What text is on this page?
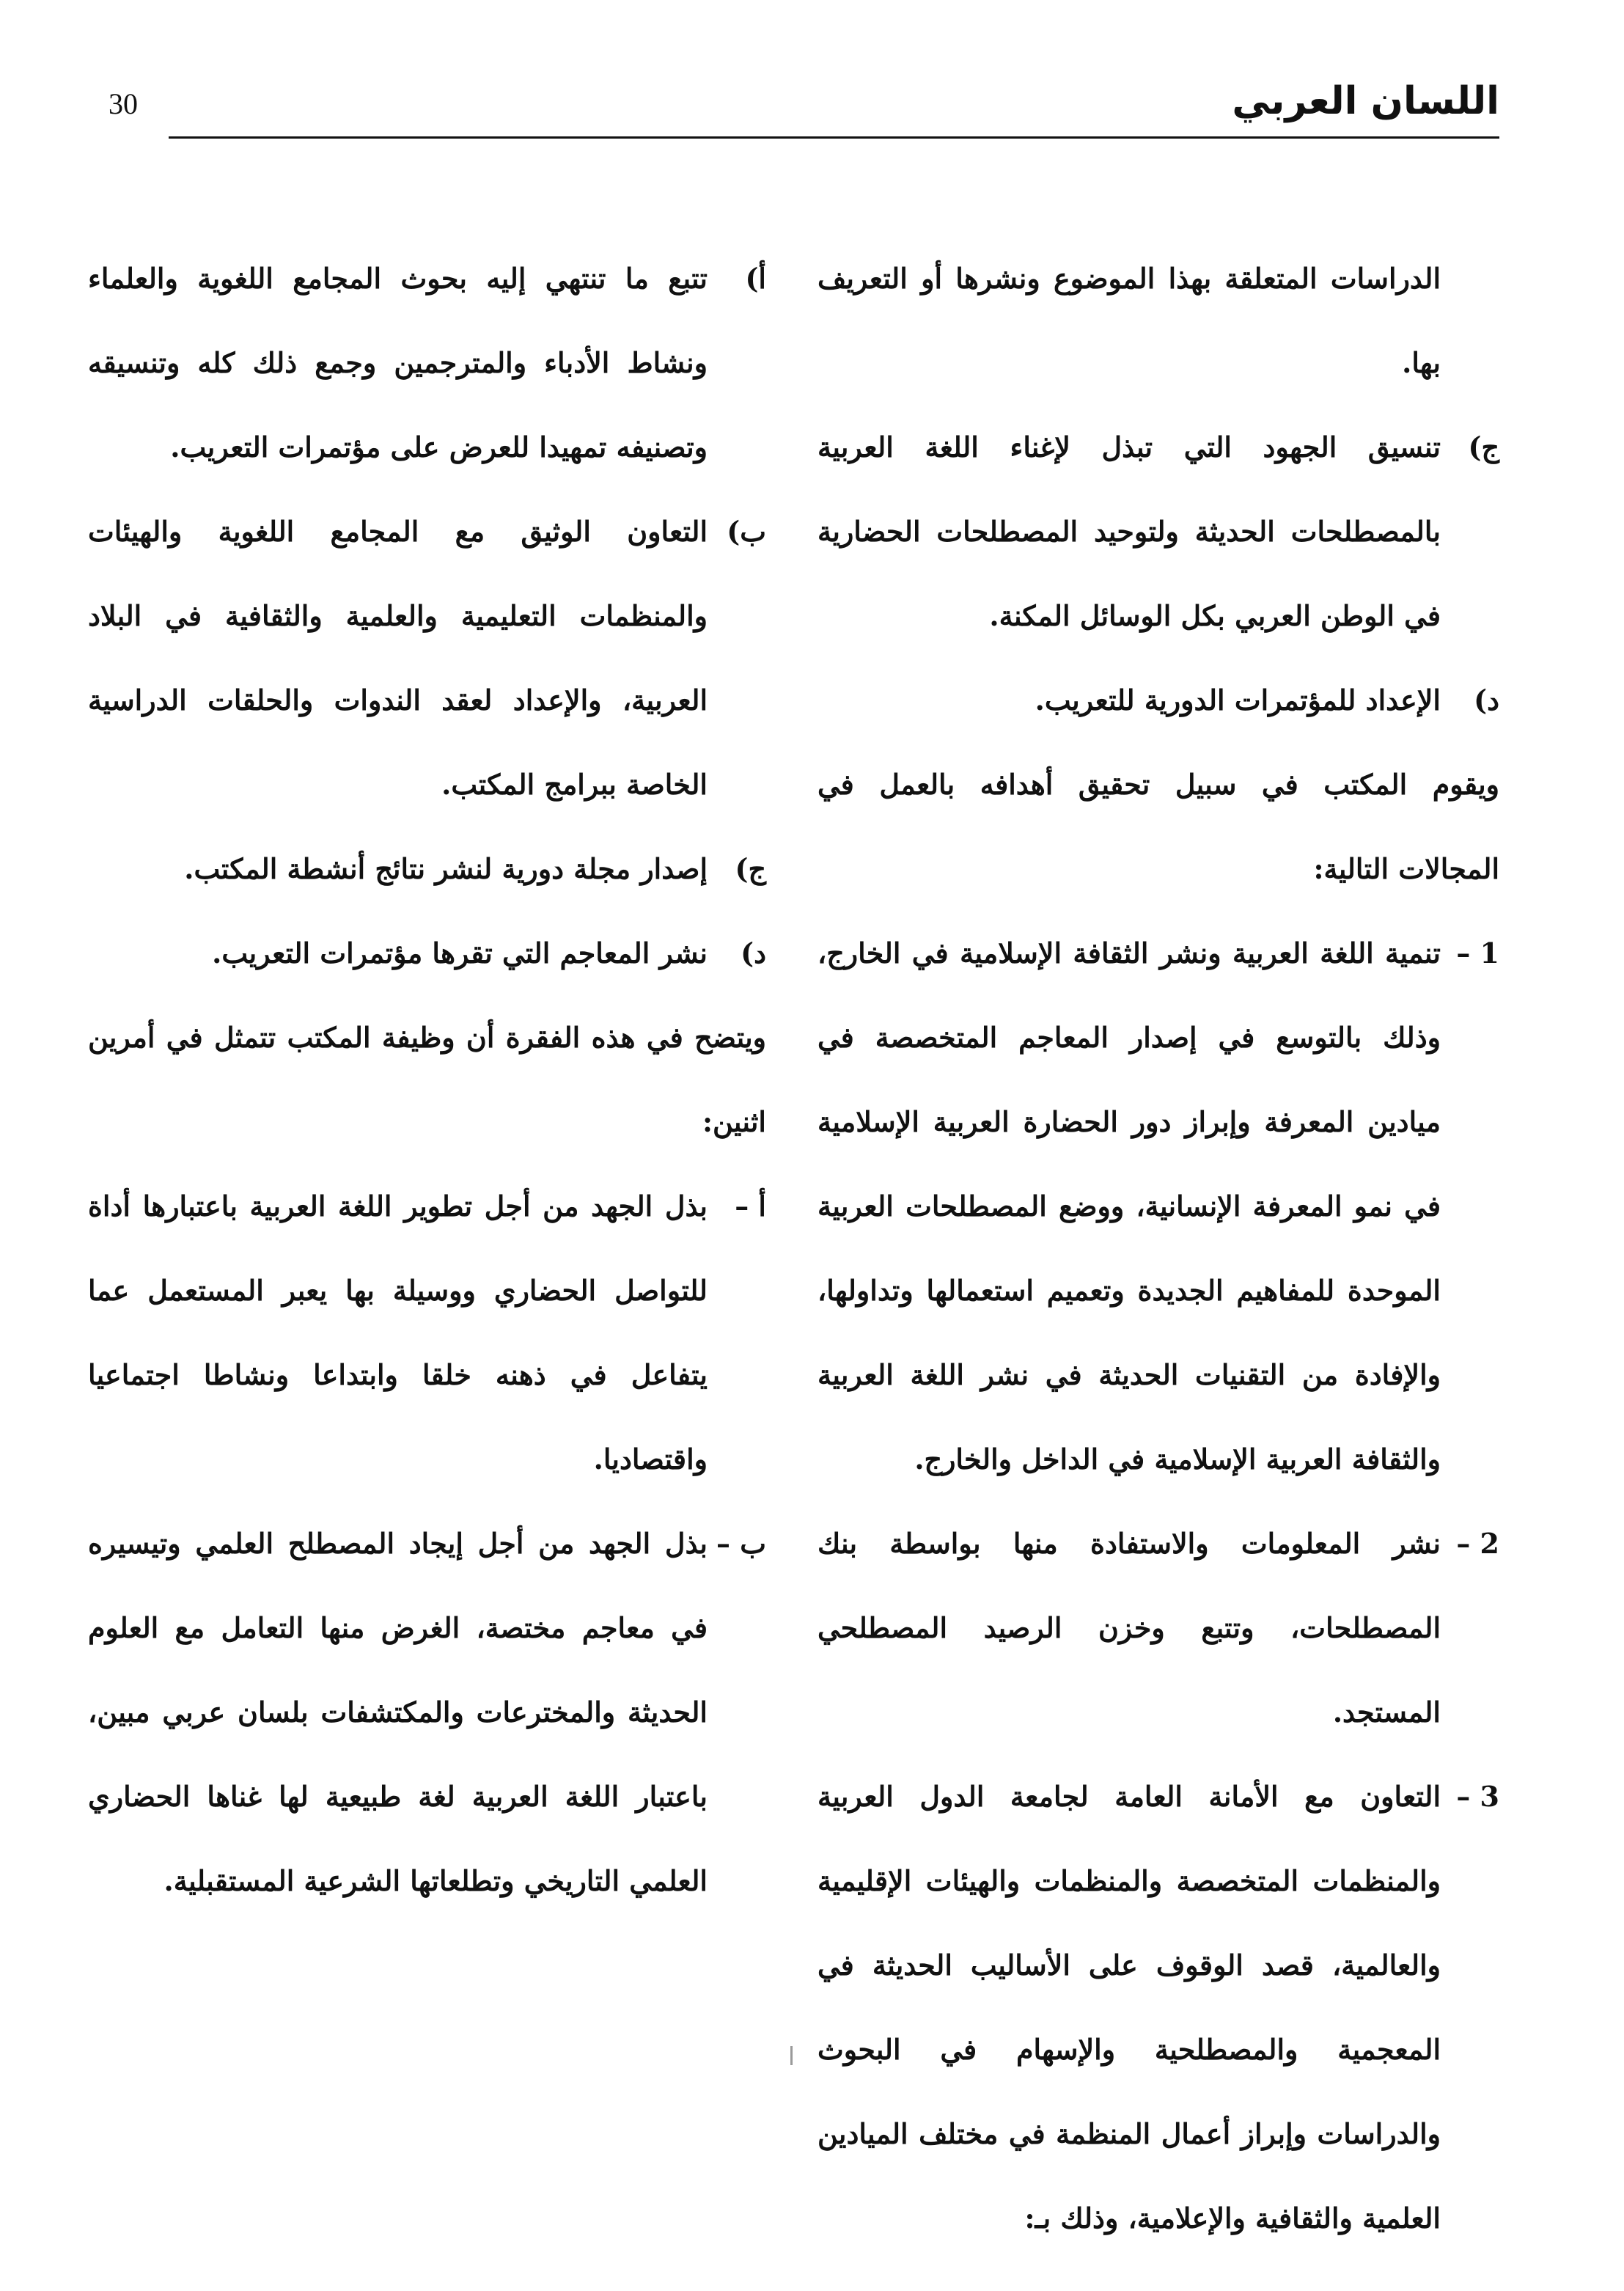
30	اللسان العربي
الدراسات المتعلقة بهذا الموضوع ونشرها أو التعريف بها.
ج)
تنسيق الجهود التي تبذل لإغناء اللغة العربية بالمصطلحات الحديثة ولتوحيد المصطلحات الحضارية في الوطن العربي بكل الوسائل المكنة.
د)
الإعداد للمؤتمرات الدورية للتعريب.
ويقوم المكتب في سبيل تحقيق أهدافه بالعمل في المجالات التالية:
1 –
تنمية اللغة العربية ونشر الثقافة الإسلامية في الخارج، وذلك بالتوسع في إصدار المعاجم المتخصصة في ميادين المعرفة وإبراز دور الحضارة العربية الإسلامية في نمو المعرفة الإنسانية، ووضع المصطلحات العربية الموحدة للمفاهيم الجديدة وتعميم استعمالها وتداولها، والإفادة من التقنيات الحديثة في نشر اللغة العربية والثقافة العربية الإسلامية في الداخل والخارج.
2 –
نشر المعلومات والاستفادة منها بواسطة بنك المصطلحات، وتتبع وخزن الرصيد المصطلحي المستجد.
3 –
التعاون مع الأمانة العامة لجامعة الدول العربية والمنظمات المتخصصة والمنظمات والهيئات الإقليمية والعالمية، قصد الوقوف على الأساليب الحديثة في المعجمية والمصطلحية والإسهام في البحوث والدراسات وإبراز أعمال المنظمة في مختلف الميادين العلمية والثقافية والإعلامية، وذلك بـ:
أ)
تتبع ما تنتهي إليه بحوث المجامع اللغوية والعلماء ونشاط الأدباء والمترجمين وجمع ذلك كله وتنسيقه وتصنيفه تمهيدا للعرض على مؤتمرات التعريب.
ب)
التعاون الوثيق مع المجامع اللغوية والهيئات والمنظمات التعليمية والعلمية والثقافية في البلاد العربية، والإعداد لعقد الندوات والحلقات الدراسية الخاصة ببرامج المكتب.
ج)
إصدار مجلة دورية لنشر نتائج أنشطة المكتب.
د)
نشر المعاجم التي تقرها مؤتمرات التعريب.
ويتضح في هذه الفقرة أن وظيفة المكتب تتمثل في أمرين اثنين:
أ –
بذل الجهد من أجل تطوير اللغة العربية باعتبارها أداة للتواصل الحضاري ووسيلة بها يعبر المستعمل عما يتفاعل في ذهنه خلقا وابتداعا ونشاطا اجتماعيا واقتصاديا.
ب –
بذل الجهد من أجل إيجاد المصطلح العلمي وتيسيره في معاجم مختصة، الغرض منها التعامل مع العلوم الحديثة والمخترعات والمكتشفات بلسان عربي مبين، باعتبار اللغة العربية لغة طبيعية لها غناها الحضاري العلمي التاريخي وتطلعاتها الشرعية المستقبلية.
